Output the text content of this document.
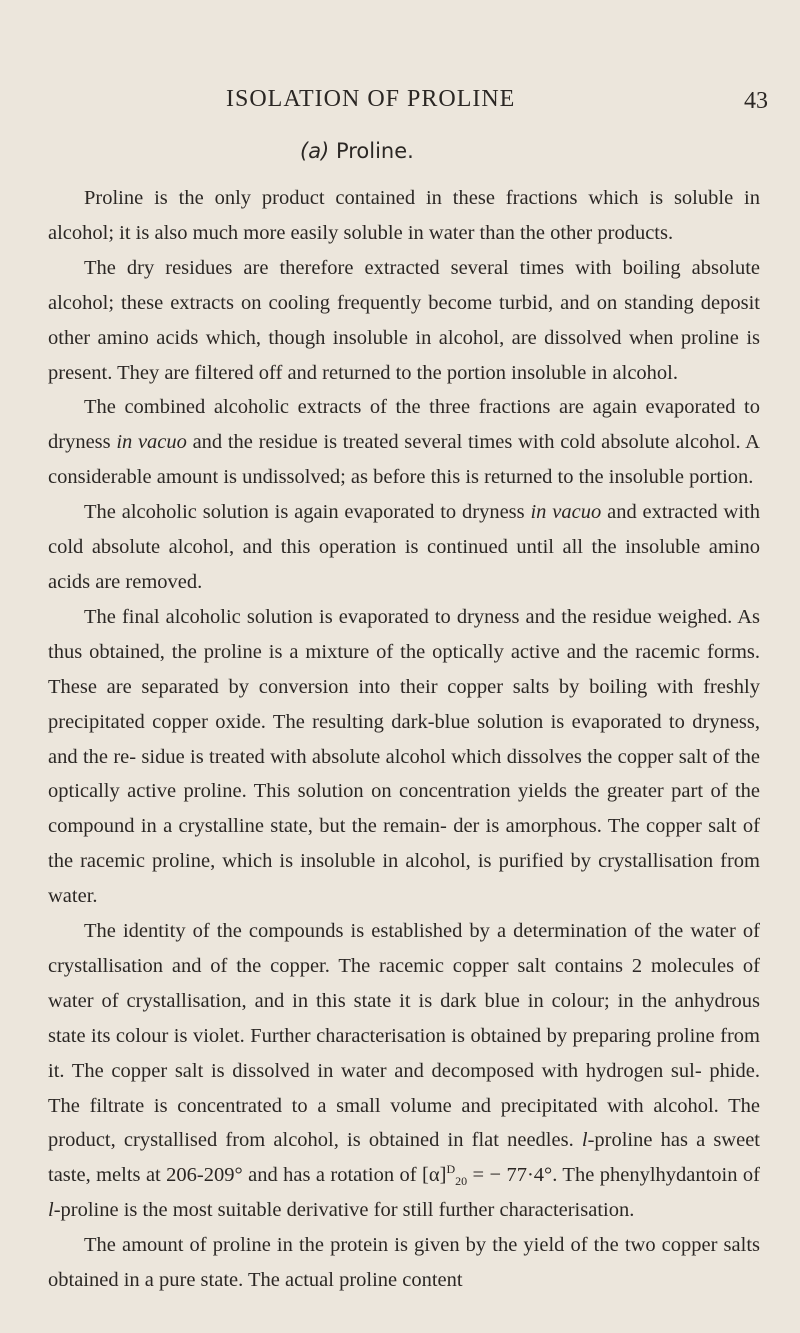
ISOLATION OF PROLINE	43
(a) Proline.

Proline is the only product contained in these fractions which is soluble in alcohol; it is also much more easily soluble in water than the other products.

The dry residues are therefore extracted several times with boiling absolute alcohol; these extracts on cooling frequently become turbid, and on standing deposit other amino acids which, though insoluble in alcohol, are dissolved when proline is present. They are filtered off and returned to the portion insoluble in alcohol.

The combined alcoholic extracts of the three fractions are again evaporated to dryness in vacuo and the residue is treated several times with cold absolute alcohol. A considerable amount is undissolved; as before this is returned to the insoluble portion.

The alcoholic solution is again evaporated to dryness in vacuo and extracted with cold absolute alcohol, and this operation is continued until all the insoluble amino acids are removed.

The final alcoholic solution is evaporated to dryness and the residue weighed. As thus obtained, the proline is a mixture of the optically active and the racemic forms. These are separated by conversion into their copper salts by boiling with freshly precipitated copper oxide. The resulting dark-blue solution is evaporated to dryness, and the re- sidue is treated with absolute alcohol which dissolves the copper salt of the optically active proline. This solution on concentration yields the greater part of the compound in a crystalline state, but the remain- der is amorphous. The copper salt of the racemic proline, which is insoluble in alcohol, is purified by crystallisation from water.

The identity of the compounds is established by a determination of the water of crystallisation and of the copper. The racemic copper salt contains 2 molecules of water of crystallisation, and in this state it is dark blue in colour; in the anhydrous state its colour is violet. Further characterisation is obtained by preparing proline from it. The copper salt is dissolved in water and decomposed with hydrogen sul- phide. The filtrate is concentrated to a small volume and precipitated with alcohol. The product, crystallised from alcohol, is obtained in flat needles. l-proline has a sweet taste, melts at 206-209° and has a rotation of $[\alpha]^D_{20}$ = − 77·4°. The phenylhydantoin of l-proline is the most suitable derivative for still further characterisation.

The amount of proline in the protein is given by the yield of the two copper salts obtained in a pure state. The actual proline content
